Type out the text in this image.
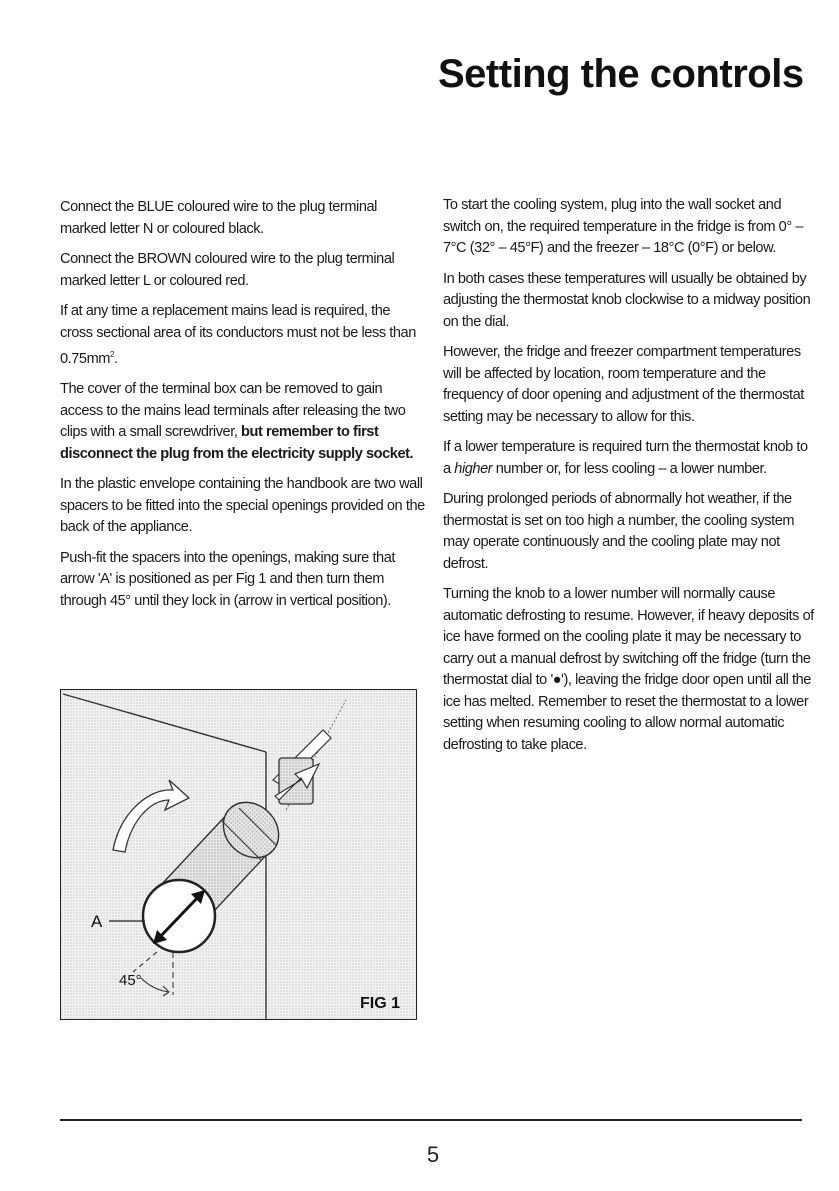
Setting the controls

Connect the BLUE coloured wire to the plug terminal marked letter N or coloured black.

Connect the BROWN coloured wire to the plug terminal marked letter L or coloured red.

If at any time a replacement mains lead is required, the cross sectional area of its conductors must not be less than $0.75mm^2$.

The cover of the terminal box can be removed to gain access to the mains lead terminals after releasing the two clips with a small screwdriver, but remember to first disconnect the plug from the electricity supply socket.

In the plastic envelope containing the handbook are two wall spacers to be fitted into the special openings provided on the back of the appliance.

Push-fit the spacers into the openings, making sure that arrow 'A' is positioned as per Fig 1 and then turn them through 45° until they lock in (arrow in vertical position).

To start the cooling system, plug into the wall socket and switch on, the required temperature in the fridge is from 0° – 7°C (32° – 45°F) and the freezer – 18°C (0°F) or below.

In both cases these temperatures will usually be obtained by adjusting the thermostat knob clockwise to a midway position on the dial.

However, the fridge and freezer compartment temperatures will be affected by location, room temperature and the frequency of door opening and adjustment of the thermostat setting may be necessary to allow for this.

If a lower temperature is required turn the thermostat knob to a higher number or, for less cooling – a lower number.

During prolonged periods of abnormally hot weather, if the thermostat is set on too high a number, the cooling system may operate continuously and the cooling plate may not defrost.

Turning the knob to a lower number will normally cause automatic defrosting to resume. However, if heavy deposits of ice have formed on the cooling plate it may be necessary to carry out a manual defrost by switching off the fridge (turn the thermostat dial to '●'), leaving the fridge door open until all the ice has melted. Remember to reset the thermostat to a lower setting when resuming cooling to allow normal automatic defrosting to take place.

A
45°
FIG 1
5
